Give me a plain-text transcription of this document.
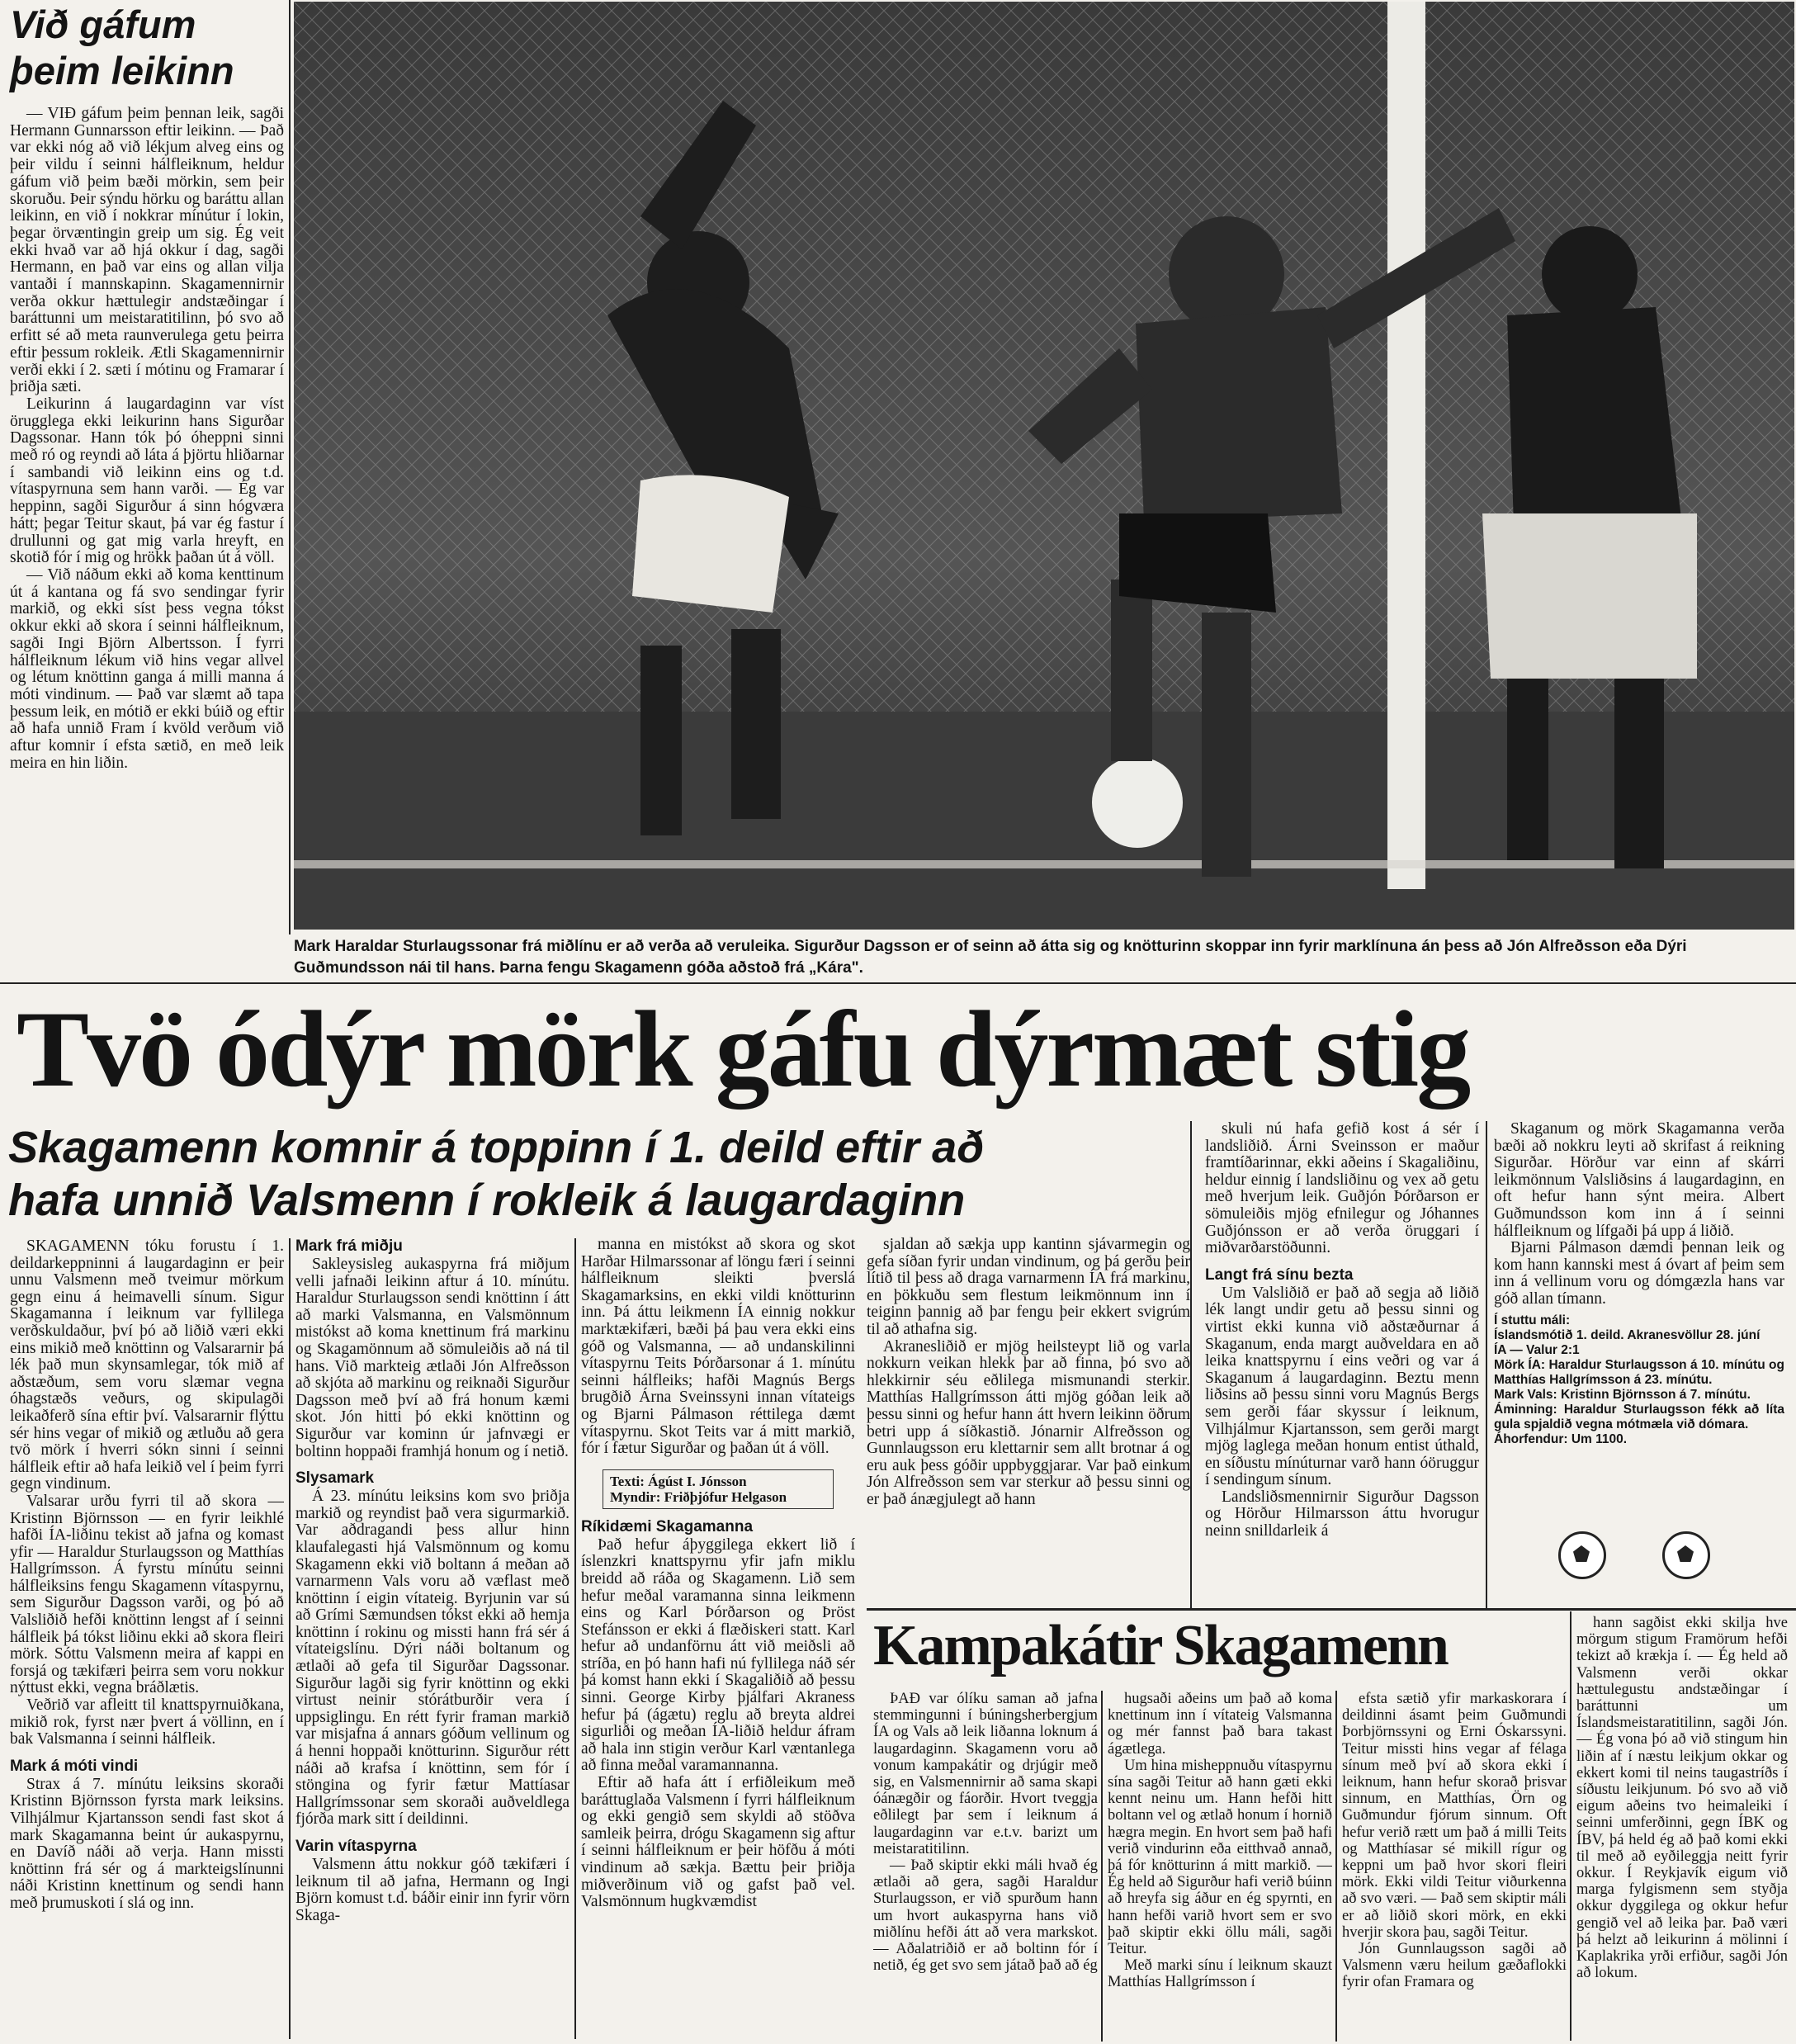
Við gáfum
þeim leikinn

— VIÐ gáfum þeim þennan leik, sagði Hermann Gunnarsson eftir leikinn. — Það var ekki nóg að við lékjum alveg eins og þeir vildu í seinni hálfleiknum, heldur gáfum við þeim bæði mörkin, sem þeir skoruðu. Þeir sýndu hörku og baráttu allan leikinn, en við í nokkrar mínútur í lokin, þegar örvæntingin greip um sig. Ég veit ekki hvað var að hjá okkur í dag, sagði Hermann, en það var eins og allan vilja vantaði í mannskapinn. Skagamennirnir verða okkur hættulegir andstæðingar í baráttunni um meistaratitilinn, þó svo að erfitt sé að meta raunverulega getu þeirra eftir þessum rokleik. Ætli Skagamennirnir verði ekki í 2. sæti í mótinu og Framarar í þriðja sæti.

Leikurinn á laugardaginn var víst örugglega ekki leikurinn hans Sigurðar Dagssonar. Hann tók þó óheppni sinni með ró og reyndi að láta á þjörtu hliðarnar í sambandi við leikinn eins og t.d. vítaspyrnuna sem hann varði. — Ég var heppinn, sagði Sigurður á sinn hógværa hátt; þegar Teitur skaut, þá var ég fastur í drullunni og gat mig varla hreyft, en skotið fór í mig og hrökk þaðan út á völl.

— Við náðum ekki að koma kenttinum út á kantana og fá svo sendingar fyrir markið, og ekki síst þess vegna tókst okkur ekki að skora í seinni hálfleiknum, sagði Ingi Björn Albertsson. Í fyrri hálfleiknum lékum við hins vegar allvel og létum knöttinn ganga á milli manna á móti vindinum. — Það var slæmt að tapa þessum leik, en mótið er ekki búið og eftir að hafa unnið Fram í kvöld verðum við aftur komnir í efsta sætið, en með leik meira en hin liðin.

Mark Haraldar Sturlaugssonar frá miðlínu er að verða að veruleika. Sigurður Dagsson er of seinn að átta sig og knötturinn skoppar inn fyrir marklínuna án þess að Jón Alfreðsson eða Dýri
Guðmundsson nái til hans. Þarna fengu Skagamenn góða aðstoð frá „Kára".
Tvö ódýr mörk gáfu dýrmæt stig
Skagamenn komnir á toppinn í 1. deild eftir að
hafa unnið Valsmenn í rokleik á laugardaginn

SKAGAMENN tóku forustu í 1. deildarkeppninni á laugardaginn er þeir unnu Valsmenn með tveimur mörkum gegn einu á heimavelli sínum. Sigur Skagamanna í leiknum var fyllilega verðskuldaður, því þó að liðið væri ekki eins mikið með knöttinn og Valsararnir þá lék það mun skynsamlegar, tók mið af aðstæðum, sem voru slæmar vegna óhagstæðs veðurs, og skipulagði leikaðferð sína eftir því. Valsararnir flýttu sér hins vegar of mikið og ætluðu að gera tvö mörk í hverri sókn sinni í seinni hálfleik eftir að hafa leikið vel í þeim fyrri gegn vindinum.

Valsarar urðu fyrri til að skora — Kristinn Björnsson — en fyrir leikhlé hafði ÍA-liðinu tekist að jafna og komast yfir — Haraldur Sturlaugsson og Matthías Hallgrímsson. Á fyrstu mínútu seinni hálfleiksins fengu Skagamenn vítaspyrnu, sem Sigurður Dagsson varði, og þó að Valsliðið hefði knöttinn lengst af í seinni hálfleik þá tókst liðinu ekki að skora fleiri mörk. Sóttu Valsmenn meira af kappi en forsjá og tækifæri þeirra sem voru nokkur nýttust ekki, vegna bráðlætis.

Veðrið var afleitt til knattspyrnuiðkana, mikið rok, fyrst nær þvert á völlinn, en í bak Valsmanna í seinni hálfleik.

Mark á móti vindi

Strax á 7. mínútu leiksins skoraði Kristinn Björnsson fyrsta mark leiksins. Vilhjálmur Kjartansson sendi fast skot á mark Skagamanna beint úr aukaspyrnu, en Davíð náði að verja. Hann missti knöttinn frá sér og á markteigslínunni náði Kristinn knettinum og sendi hann með þrumuskoti í slá og inn.

Mark frá miðju

Sakleysisleg aukaspyrna frá miðjum velli jafnaði leikinn aftur á 10. mínútu. Haraldur Sturlaugsson sendi knöttinn í átt að marki Valsmanna, en Valsmönnum mistókst að koma knettinum frá markinu og Skagamönnum að sömuleiðis að ná til hans. Við markteig ætlaði Jón Alfreðsson að skjóta að markinu og reiknaði Sigurður Dagsson með því að frá honum kæmi skot. Jón hitti þó ekki knöttinn og Sigurður var kominn úr jafnvægi er boltinn hoppaði framhjá honum og í netið.

Slysamark

Á 23. mínútu leiksins kom svo þriðja markið og reyndist það vera sigurmarkið. Var aðdragandi þess allur hinn klaufalegasti hjá Valsmönnum og komu Skagamenn ekki við boltann á meðan að varnarmenn Vals voru að væflast með knöttinn í eigin vítateig. Byrjunin var sú að Grími Sæmundsen tókst ekki að hemja knöttinn í rokinu og missti hann frá sér á vítateigslínu. Dýri náði boltanum og ætlaði að gefa til Sigurðar Dagssonar. Sigurður lagði sig fyrir knöttinn og ekki virtust neinir stórátburðir vera í uppsiglingu. En rétt fyrir framan markið var misjafna á annars góðum vellinum og á henni hoppaði knötturinn. Sigurður rétt náði að krafsa í knöttinn, sem fór í stöngina og fyrir fætur Mattíasar Hallgrímssonar sem skoraði auðveldlega fjórða mark sitt í deildinni.

Varin vítaspyrna

Valsmenn áttu nokkur góð tækifæri í leiknum til að jafna, Hermann og Ingi Björn komust t.d. báðir einir inn fyrir vörn Skaga-

manna en mistókst að skora og skot Harðar Hilmarssonar af löngu færi í seinni hálfleiknum sleikti þverslá Skagamarksins, en ekki vildi knötturinn inn. Þá áttu leikmenn ÍA einnig nokkur marktækifæri, bæði þá þau vera ekki eins góð og Valsmanna, — að undanskilinni vítaspyrnu Teits Þórðarsonar á 1. mínútu seinni hálfleiks; hafði Magnús Bergs brugðið Árna Sveinssyni innan vítateigs og Bjarni Pálmason réttilega dæmt vítaspyrnu. Skot Teits var á mitt markið, fór í fætur Sigurðar og þaðan út á völl.

Texti: Ágúst I. Jónsson
Myndir: Friðþjófur Helgason
Ríkidæmi Skagamanna

Það hefur áþyggilega ekkert lið í íslenzkri knattspyrnu yfir jafn miklu breidd að ráða og Skagamenn. Lið sem hefur meðal varamanna sinna leikmenn eins og Karl Þórðarson og Þröst Stefánsson er ekki á flæðiskeri statt. Karl hefur að undanförnu átt við meiðsli að stríða, en þó hann hafi nú fyllilega náð sér þá komst hann ekki í Skagaliðið að þessu sinni. George Kirby þjálfari Akraness hefur þá (ágætu) reglu að breyta aldrei sigurliði og meðan ÍA-liðið heldur áfram að hala inn stigin verður Karl væntanlega að finna meðal varamannanna.

Eftir að hafa átt í erfiðleikum með baráttuglaða Valsmenn í fyrri hálfleiknum og ekki gengið sem skyldi að stöðva samleik þeirra, drógu Skagamenn sig aftur í seinni hálfleiknum er þeir höfðu á móti vindinum að sækja. Bættu þeir þriðja miðverðinum við og gafst það vel. Valsmönnum hugkvæmdist

sjaldan að sækja upp kantinn sjávarmegin og gefa síðan fyrir undan vindinum, og þá gerðu þeir lítið til þess að draga varnarmenn ÍA frá markinu, en þökkuðu sem flestum leikmönnum inn í teiginn þannig að þar fengu þeir ekkert svigrúm til að athafna sig.

Akranesliðið er mjög heilsteypt lið og varla nokkurn veikan hlekk þar að finna, þó svo að hlekkirnir séu eðlilega mismunandi sterkir. Matthías Hallgrímsson átti mjög góðan leik að þessu sinni og hefur hann átt hvern leikinn öðrum betri upp á síðkastið. Jónarnir Alfreðsson og Gunnlaugsson eru klettarnir sem allt brotnar á og eru auk þess góðir uppbyggjarar. Var það einkum Jón Alfreðsson sem var sterkur að þessu sinni og er það ánægjulegt að hann

skuli nú hafa gefið kost á sér í landsliðið. Árni Sveinsson er maður framtíðarinnar, ekki aðeins í Skagaliðinu, heldur einnig í landsliðinu og vex að getu með hverjum leik. Guðjón Þórðarson er sömuleiðis mjög efnilegur og Jóhannes Guðjónsson er að verða öruggari í miðvarðarstöðunni.

Langt frá sínu bezta

Um Valsliðið er það að segja að liðið lék langt undir getu að þessu sinni og virtist ekki kunna við aðstæðurnar á Skaganum, enda margt auðveldara en að leika knattspyrnu í eins veðri og var á Skaganum á laugardaginn. Beztu menn liðsins að þessu sinni voru Magnús Bergs sem gerði fáar skyssur í leiknum, Vilhjálmur Kjartansson, sem gerði margt mjög laglega meðan honum entist úthald, en síðustu mínúturnar varð hann óöruggur í sendingum sínum.

Landsliðsmennirnir Sigurður Dagsson og Hörður Hilmarsson áttu hvorugur neinn snilldarleik á

Skaganum og mörk Skagamanna verða bæði að nokkru leyti að skrifast á reikning Sigurðar. Hörður var einn af skárri leikmönnum Valsliðsins á laugardaginn, en oft hefur hann sýnt meira. Albert Guðmundsson kom inn á í seinni hálfleiknum og lífgaði þá upp á liðið.

Bjarni Pálmason dæmdi þennan leik og kom hann kannski mest á óvart af þeim sem inn á vellinum voru og dómgæzla hans var góð allan tímann.

Í stuttu máli:
Íslandsmótið 1. deild. Akranesvöllur 28. júní
ÍA — Valur 2:1
Mörk ÍA: Haraldur Sturlaugsson á 10. mínútu og Matthías Hallgrímsson á 23. mínútu.
Mark Vals: Kristinn Björnsson á 7. mínútu.
Áminning: Haraldur Sturlaugsson fékk að líta gula spjaldið vegna mótmæla við dómara.
Áhorfendur: Um 1100.
Kampakátir Skagamenn

ÞAÐ var ólíku saman að jafna stemmingunni í búningsherbergjum ÍA og Vals að leik liðanna loknum á laugardaginn. Skagamenn voru að vonum kampakátir og drjúgir með sig, en Valsmennirnir að sama skapi óánægðir og fáorðir. Hvort tveggja eðlilegt þar sem í leiknum á laugardaginn var e.t.v. barizt um meistaratitilinn.

— Það skiptir ekki máli hvað ég ætlaði að gera, sagði Haraldur Sturlaugsson, er við spurðum hann um hvort aukaspyrna hans við miðlínu hefði átt að vera markskot. — Aðalatriðið er að boltinn fór í netið, ég get svo sem játað það að ég

hugsaði aðeins um það að koma knettinum inn í vítateig Valsmanna og mér fannst það bara takast ágætlega.

Um hina misheppnuðu vítaspyrnu sína sagði Teitur að hann gæti ekki kennt neinu um. Hann hefði hitt boltann vel og ætlað honum í hornið hægra megin. En hvort sem það hafi verið vindurinn eða eitthvað annað, þá fór knötturinn á mitt markið. — Ég held að Sigurður hafi verið búinn að hreyfa sig áður en ég spyrnti, en hann hefði varið hvort sem er svo það skiptir ekki öllu máli, sagði Teitur.

Með marki sínu í leiknum skauzt Matthías Hallgrímsson í

efsta sætið yfir markaskorara í deildinni ásamt þeim Guðmundi Þorbjörnssyni og Erni Óskarssyni. Teitur missti hins vegar af félaga sínum með því að skora ekki í leiknum, hann hefur skorað þrisvar sinnum, en Matthías, Örn og Guðmundur fjórum sinnum. Oft hefur verið rætt um það á milli Teits og Matthíasar sé mikill rígur og keppni um það hvor skori fleiri mörk. Ekki vildi Teitur viðurkenna að svo væri. — Það sem skiptir máli er að liðið skori mörk, en ekki hverjir skora þau, sagði Teitur.

Jón Gunnlaugsson sagði að Valsmenn væru heilum gæðaflokki fyrir ofan Framara og

hann sagðist ekki skilja hve mörgum stigum Framörum hefði tekizt að krækja í. — Ég held að Valsmenn verði okkar hættulegustu andstæðingar í baráttunni um Íslandsmeistaratitilinn, sagði Jón. — Ég vona þó að við stingum hin liðin af í næstu leikjum okkar og ekkert komi til neins taugastríðs í síðustu leikjunum. Þó svo að við eigum aðeins tvo heimaleiki í seinni umferðinni, gegn ÍBK og ÍBV, þá held ég að það komi ekki til með að eyðileggja neitt fyrir okkur. Í Reykjavík eigum við marga fylgismenn sem styðja okkur dyggilega og okkur hefur gengið vel að leika þar. Það væri þá helzt að leikurinn á mölinni í Kaplakrika yrði erfiður, sagði Jón að lokum.
